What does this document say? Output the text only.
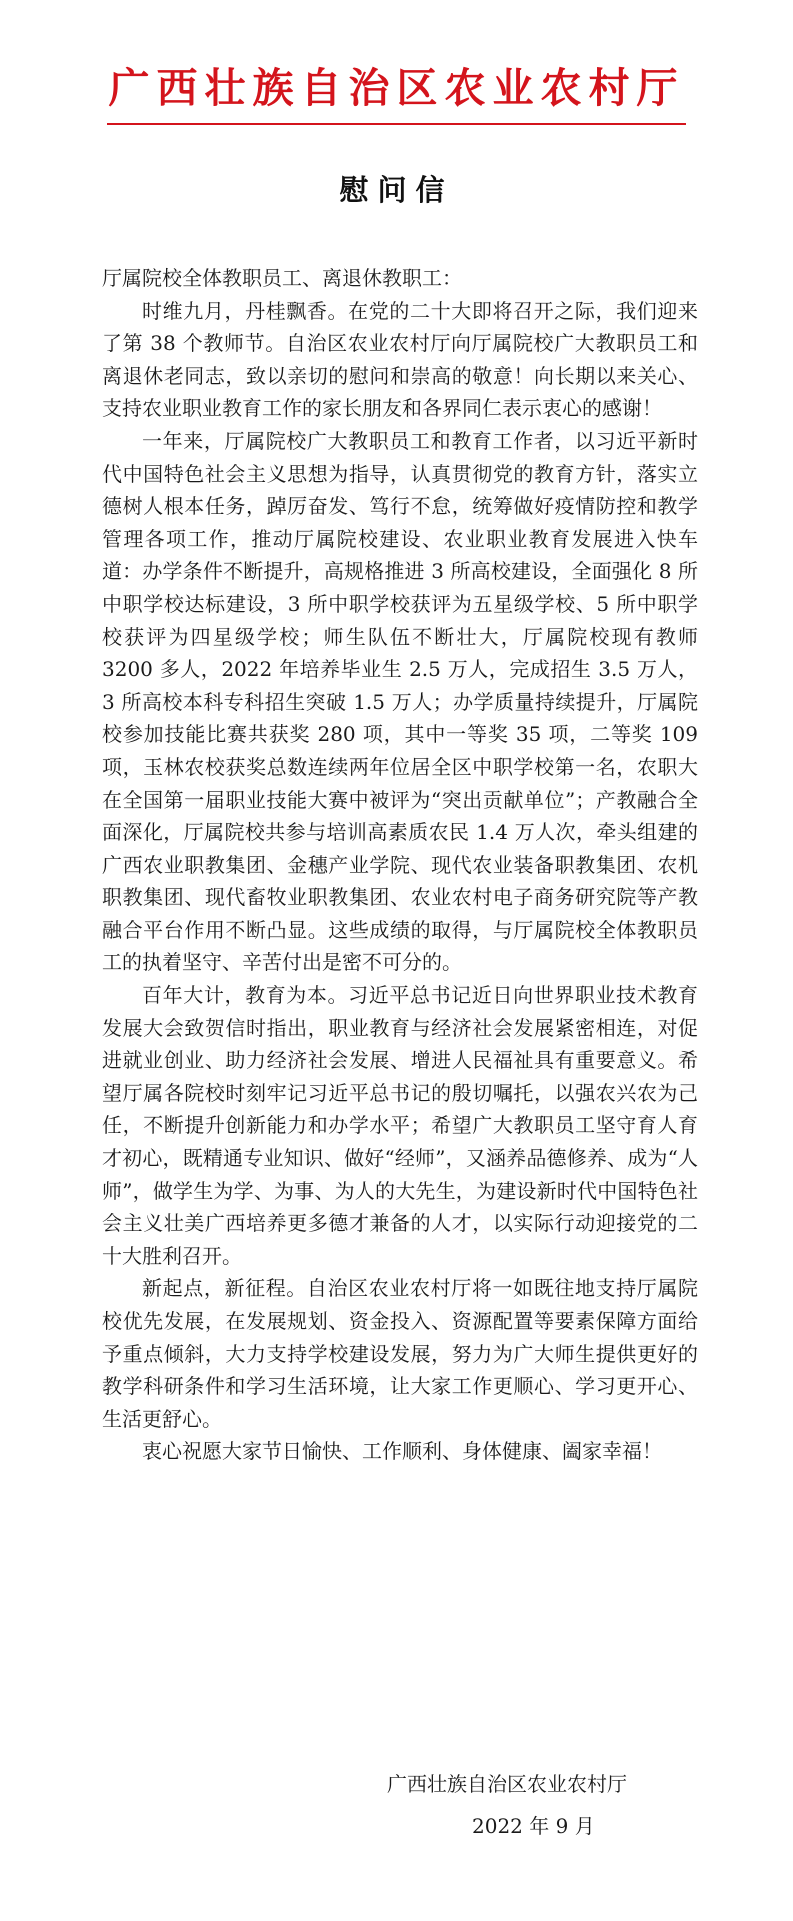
广西壮族自治区农业农村厅
慰问信

厅属院校全体教职员工、离退休教职工：

时维九月，丹桂飘香。在党的二十大即将召开之际，我们迎来了第 38 个教师节。自治区农业农村厅向厅属院校广大教职员工和离退休老同志，致以亲切的慰问和崇高的敬意！向长期以来关心、支持农业职业教育工作的家长朋友和各界同仁表示衷心的感谢！

一年来，厅属院校广大教职员工和教育工作者，以习近平新时代中国特色社会主义思想为指导，认真贯彻党的教育方针，落实立德树人根本任务，踔厉奋发、笃行不怠，统筹做好疫情防控和教学管理各项工作，推动厅属院校建设、农业职业教育发展进入快车道：办学条件不断提升，高规格推进 3 所高校建设，全面强化 8 所中职学校达标建设，3 所中职学校获评为五星级学校、5 所中职学校获评为四星级学校；师生队伍不断壮大，厅属院校现有教师 3200 多人，2022 年培养毕业生 2.5 万人，完成招生 3.5 万人，3 所高校本科专科招生突破 1.5 万人；办学质量持续提升，厅属院校参加技能比赛共获奖 280 项，其中一等奖 35 项，二等奖 109 项，玉林农校获奖总数连续两年位居全区中职学校第一名，农职大在全国第一届职业技能大赛中被评为“突出贡献单位”；产教融合全面深化，厅属院校共参与培训高素质农民 1.4 万人次，牵头组建的广西农业职教集团、金穗产业学院、现代农业装备职教集团、农机职教集团、现代畜牧业职教集团、农业农村电子商务研究院等产教融合平台作用不断凸显。这些成绩的取得，与厅属院校全体教职员工的执着坚守、辛苦付出是密不可分的。

百年大计，教育为本。习近平总书记近日向世界职业技术教育发展大会致贺信时指出，职业教育与经济社会发展紧密相连，对促进就业创业、助力经济社会发展、增进人民福祉具有重要意义。希望厅属各院校时刻牢记习近平总书记的殷切嘱托，以强农兴农为己任，不断提升创新能力和办学水平；希望广大教职员工坚守育人育才初心，既精通专业知识、做好“经师”，又涵养品德修养、成为“人师”，做学生为学、为事、为人的大先生，为建设新时代中国特色社会主义壮美广西培养更多德才兼备的人才，以实际行动迎接党的二十大胜利召开。

新起点，新征程。自治区农业农村厅将一如既往地支持厅属院校优先发展，在发展规划、资金投入、资源配置等要素保障方面给予重点倾斜，大力支持学校建设发展，努力为广大师生提供更好的教学科研条件和学习生活环境，让大家工作更顺心、学习更开心、生活更舒心。

衷心祝愿大家节日愉快、工作顺利、身体健康、阖家幸福！

广西壮族自治区农业农村厅
2022 年 9 月
